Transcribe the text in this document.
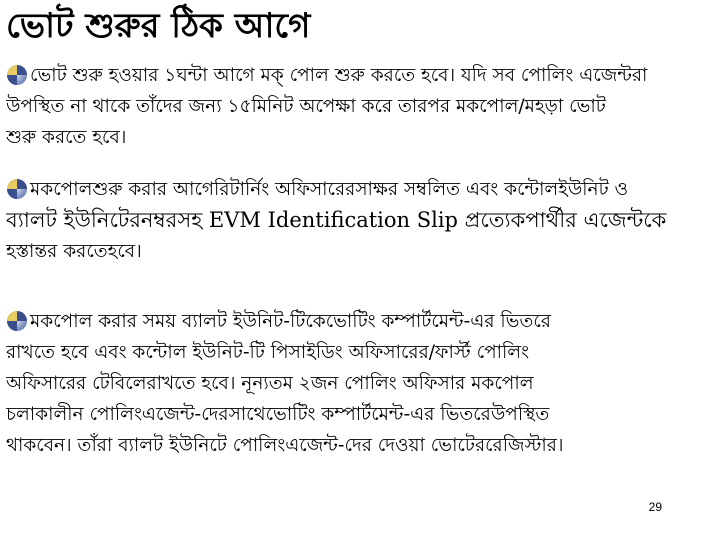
ভোট শুরুর ঠিক আগে
ভোট শুরু হওয়ার ১ঘন্টা আগে মক্ পোল শুরু করতে হবে। যদি সব পোলিং এজেন্টরা
উপস্থিত না থাকে তাঁদের জন্য ১৫মিনিট অপেক্ষা করে তারপর মকপোল/মহড়া ভোট
শুরু করতে হবে।
মকপোলশুরু করার আগেরিটার্নিং অফিসারেরসাক্ষর সম্বলিত এবং কন্টোলইউনিট ও
ব্যালট ইউনিটেরনম্বরসহ EVM Identification Slip প্রত্যেকপার্থীর এজেন্টকে
হস্তান্তর করতেহবে।
মকপোল করার সময় ব্যালট ইউনিট-টিকেভোটিং কম্পার্টমেন্ট-এর ভিতরে
রাখতে হবে এবং কন্টোল ইউনিট-টি পিসাইডিং অফিসারের/ফার্স্ট পোলিং
অফিসারের টেবিলেরাখতে হবে। নূন্যতম ২জন পোলিং অফিসার মকপোল
চলাকালীন পোলিংএজেন্ট-দেরসাথেভোটিং কম্পার্টমেন্ট-এর ভিতরেউপস্থিত
থাকবেন। তাঁরা ব্যালট ইউনিটে পোলিংএজেন্ট-দের দেওয়া ভোটেররেজিস্টার।
29
